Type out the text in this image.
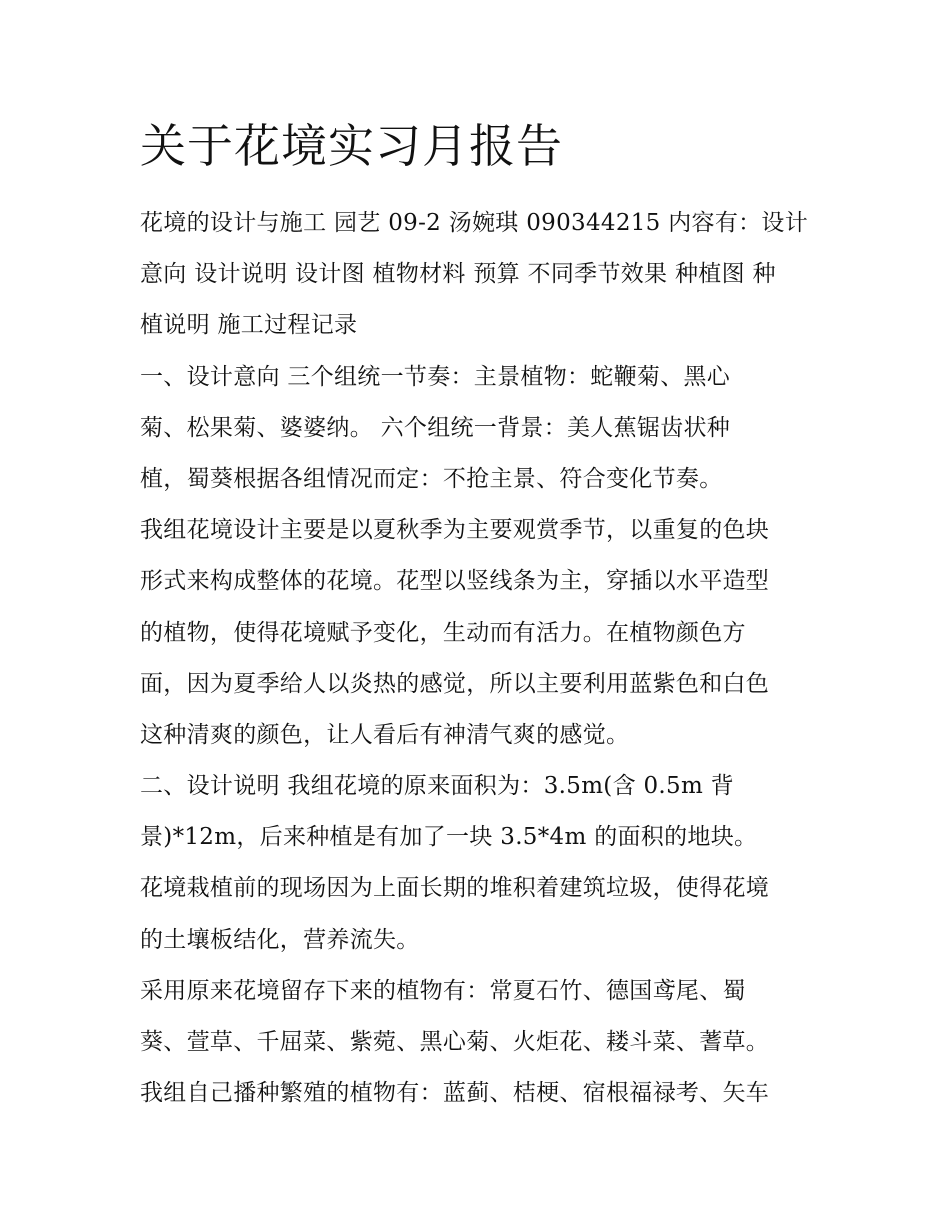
关于花境实习月报告
花境的设计与施工 园艺 09-2 汤婉琪 090344215 内容有：设计
意向 设计说明 设计图 植物材料 预算 不同季节效果 种植图 种
植说明 施工过程记录
一、设计意向 三个组统一节奏：主景植物：蛇鞭菊、黑心
菊、松果菊、婆婆纳。 六个组统一背景：美人蕉锯齿状种
植，蜀葵根据各组情况而定：不抢主景、符合变化节奏。
我组花境设计主要是以夏秋季为主要观赏季节，以重复的色块
形式来构成整体的花境。花型以竖线条为主，穿插以水平造型
的植物，使得花境赋予变化，生动而有活力。在植物颜色方
面，因为夏季给人以炎热的感觉，所以主要利用蓝紫色和白色
这种清爽的颜色，让人看后有神清气爽的感觉。
二、设计说明 我组花境的原来面积为：3.5m(含 0.5m 背
景)*12m，后来种植是有加了一块 3.5*4m 的面积的地块。
花境栽植前的现场因为上面长期的堆积着建筑垃圾，使得花境
的土壤板结化，营养流失。
采用原来花境留存下来的植物有：常夏石竹、德国鸢尾、蜀
葵、萱草、千屈菜、紫菀、黑心菊、火炬花、耧斗菜、蓍草。
我组自己播种繁殖的植物有：蓝蓟、桔梗、宿根福禄考、矢车
